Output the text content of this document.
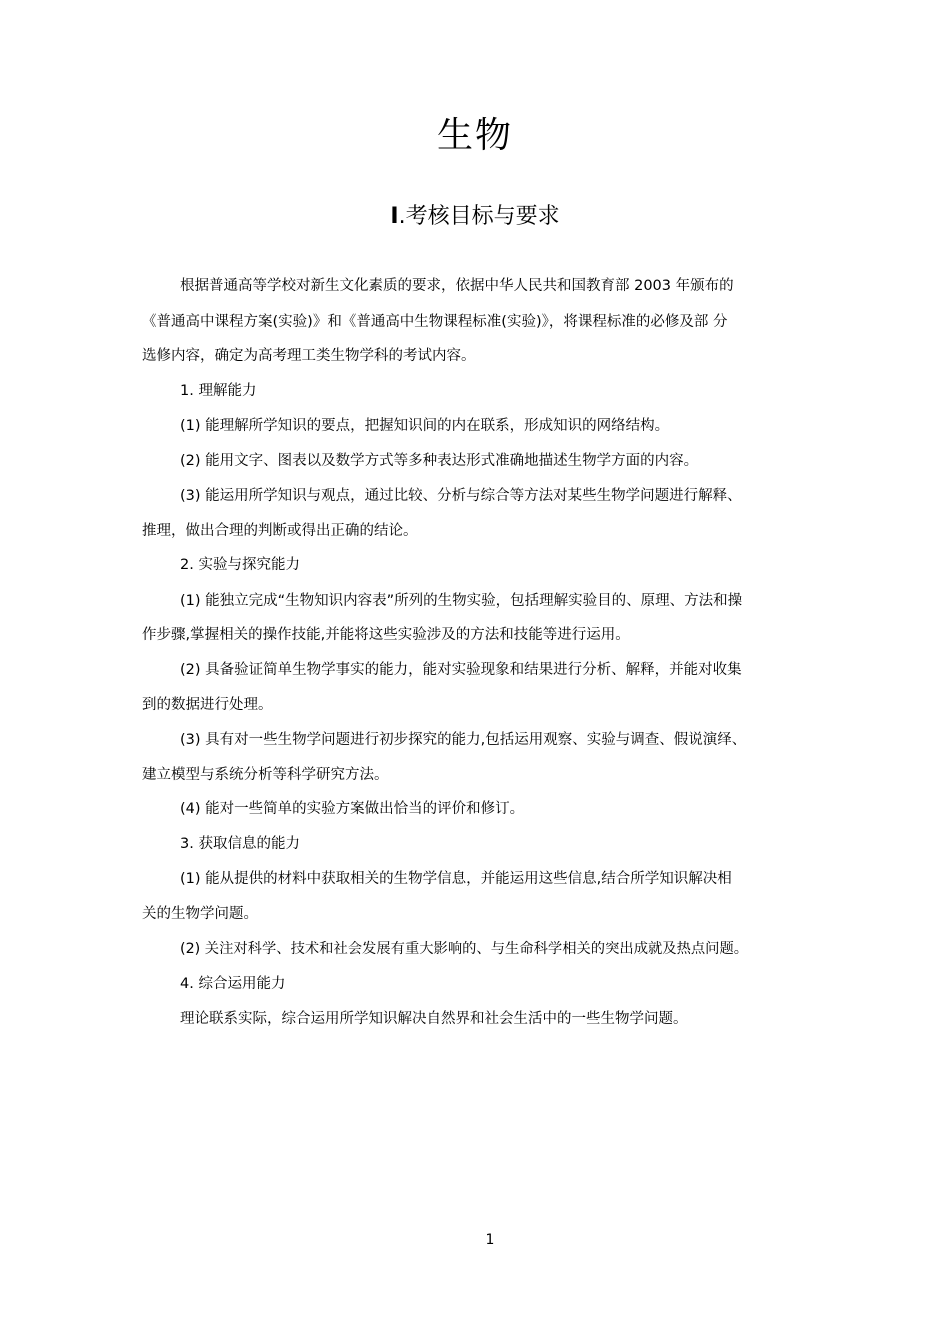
生物
Ⅰ.考核目标与要求
根据普通高等学校对新生文化素质的要求，依据中华人民共和国教育部 2003 年颁布的
《普通高中课程方案(实验)》和《普通高中生物课程标准(实验)》，将课程标准的必修及部 分
选修内容，确定为高考理工类生物学科的考试内容。
1. 理解能力
(1) 能理解所学知识的要点，把握知识间的内在联系，形成知识的网络结构。
(2) 能用文字、图表以及数学方式等多种表达形式准确地描述生物学方面的内容。
(3) 能运用所学知识与观点，通过比较、分析与综合等方法对某些生物学问题进行解释、
推理，做出合理的判断或得出正确的结论。
2. 实验与探究能力
(1) 能独立完成“生物知识内容表”所列的生物实验，包括理解实验目的、原理、方法和操
作步骤,掌握相关的操作技能,并能将这些实验涉及的方法和技能等进行运用。
(2) 具备验证简单生物学事实的能力，能对实验现象和结果进行分析、解释，并能对收集
到的数据进行处理。
(3) 具有对一些生物学问题进行初步探究的能力,包括运用观察、实验与调查、假说演绎、
建立模型与系统分析等科学研究方法。
(4) 能对一些简单的实验方案做出恰当的评价和修订。
3. 获取信息的能力
(1) 能从提供的材料中获取相关的生物学信息，并能运用这些信息,结合所学知识解决相
关的生物学问题。
(2) 关注对科学、技术和社会发展有重大影响的、与生命科学相关的突出成就及热点问题。
4. 综合运用能力
理论联系实际，综合运用所学知识解决自然界和社会生活中的一些生物学问题。
1
